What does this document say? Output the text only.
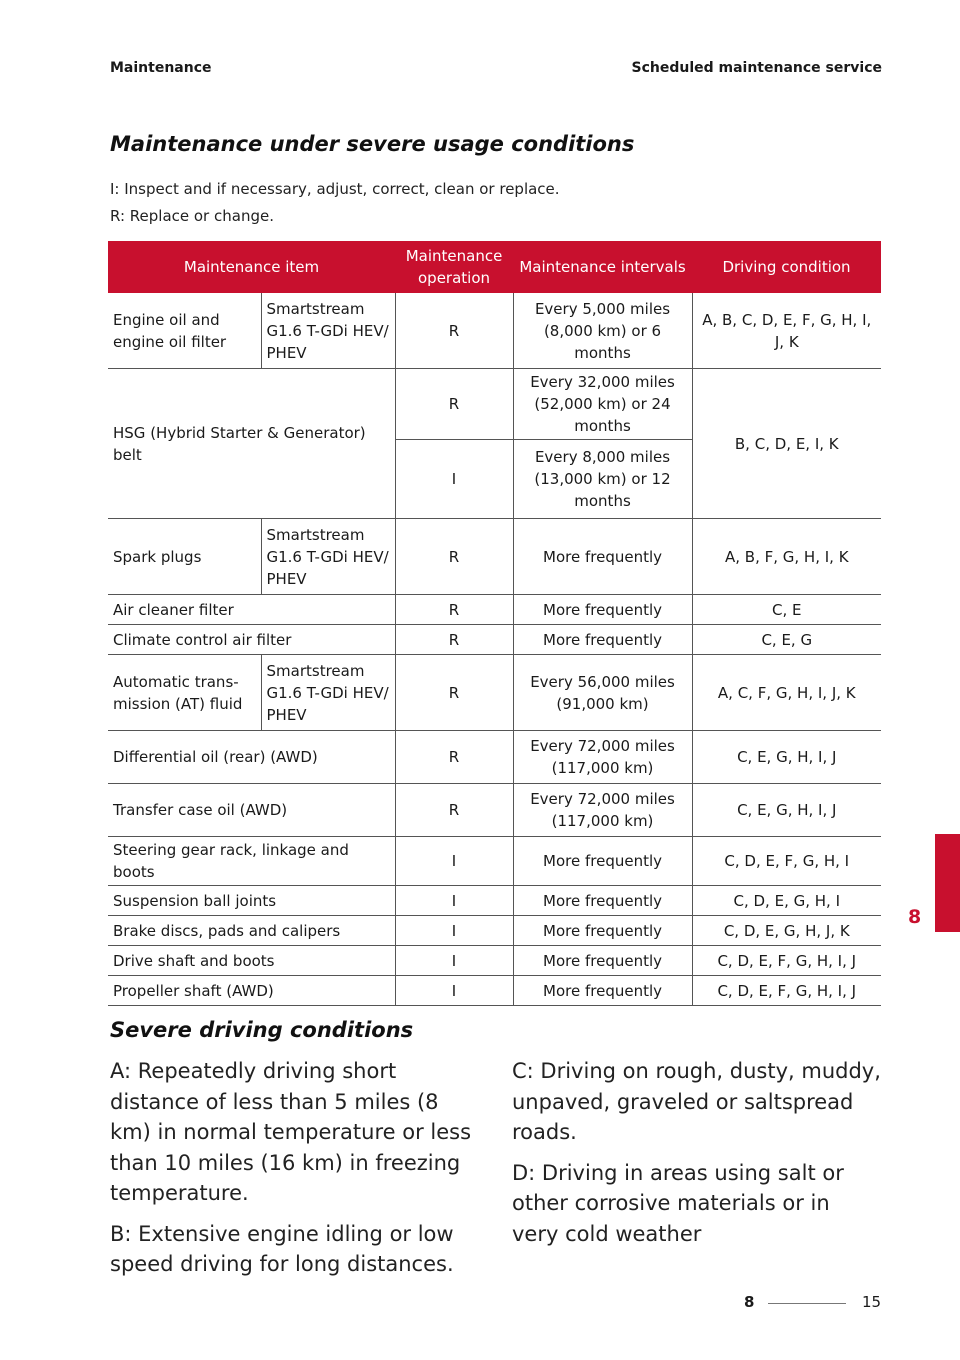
Maintenance	Scheduled maintenance service
Maintenance under severe usage conditions
I: Inspect and if necessary, adjust, correct, clean or replace.
R: Replace or change.
Maintenance item		Maintenance operation	Maintenance intervals	Driving condition
Engine oil and engine oil filter	Smartstream G1.6 T-GDi HEV/ PHEV	R	Every 5,000 miles (8,000 km) or 6 months	A, B, C, D, E, F, G, H, I, J, K
HSG (Hybrid Starter & Generator) belt		R	Every 32,000 miles (52,000 km) or 24 months	B, C, D, E, I, K
		I	Every 8,000 miles (13,000 km) or 12 months	
Spark plugs	Smartstream G1.6 T-GDi HEV/ PHEV	R	More frequently	A, B, F, G, H, I, K
Air cleaner filter		R	More frequently	C, E
Climate control air filter		R	More frequently	C, E, G
Automatic trans- mission (AT) fluid	Smartstream G1.6 T-GDi HEV/ PHEV	R	Every 56,000 miles (91,000 km)	A, C, F, G, H, I, J, K
Differential oil (rear) (AWD)		R	Every 72,000 miles (117,000 km)	C, E, G, H, I, J
Transfer case oil (AWD)		R	Every 72,000 miles (117,000 km)	C, E, G, H, I, J
Steering gear rack, linkage and boots		I	More frequently	C, D, E, F, G, H, I
Suspension ball joints		I	More frequently	C, D, E, G, H, I
Brake discs, pads and calipers		I	More frequently	C, D, E, G, H, J, K
Drive shaft and boots		I	More frequently	C, D, E, F, G, H, I, J
Propeller shaft (AWD)		I	More frequently	C, D, E, F, G, H, I, J
Severe driving conditions

A: Repeatedly driving short distance of less than 5 miles (8 km) in normal temperature or less than 10 miles (16 km) in freezing temperature.

B: Extensive engine idling or low speed driving for long distances.

C: Driving on rough, dusty, muddy, unpaved, graveled or saltspread roads.

D: Driving in areas using salt or other corrosive materials or in very cold weather

8
8	15
